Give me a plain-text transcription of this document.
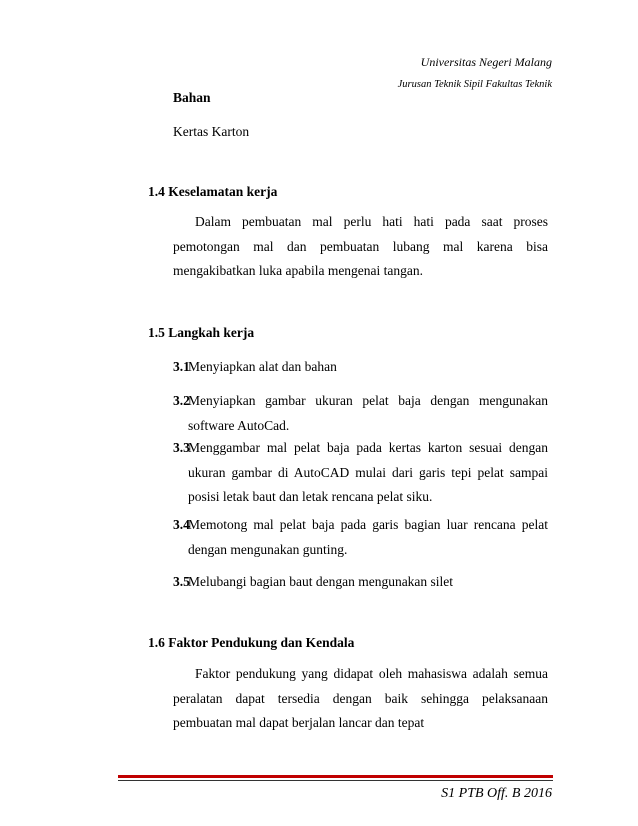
Universitas Negeri Malang
Jurusan Teknik Sipil Fakultas Teknik
Bahan
Kertas Karton
1.4 Keselamatan kerja
Dalam pembuatan mal perlu hati hati pada saat proses pemotongan mal dan pembuatan lubang mal karena bisa mengakibatkan luka apabila mengenai tangan.
1.5 Langkah kerja
3.1
Menyiapkan alat dan bahan
3.2
Menyiapkan gambar ukuran pelat baja dengan mengunakan software AutoCad.
3.3
Menggambar mal pelat baja pada kertas karton sesuai dengan ukuran gambar di AutoCAD mulai dari garis tepi pelat sampai posisi letak baut dan letak rencana pelat siku.
3.4
Memotong mal pelat baja pada garis bagian luar rencana pelat dengan mengunakan gunting.
3.5
Melubangi bagian baut dengan mengunakan silet
1.6 Faktor Pendukung dan Kendala
Faktor pendukung yang didapat oleh mahasiswa adalah semua peralatan dapat tersedia dengan baik sehingga pelaksanaan pembuatan mal dapat berjalan lancar dan tepat
S1 PTB Off. B 2016
